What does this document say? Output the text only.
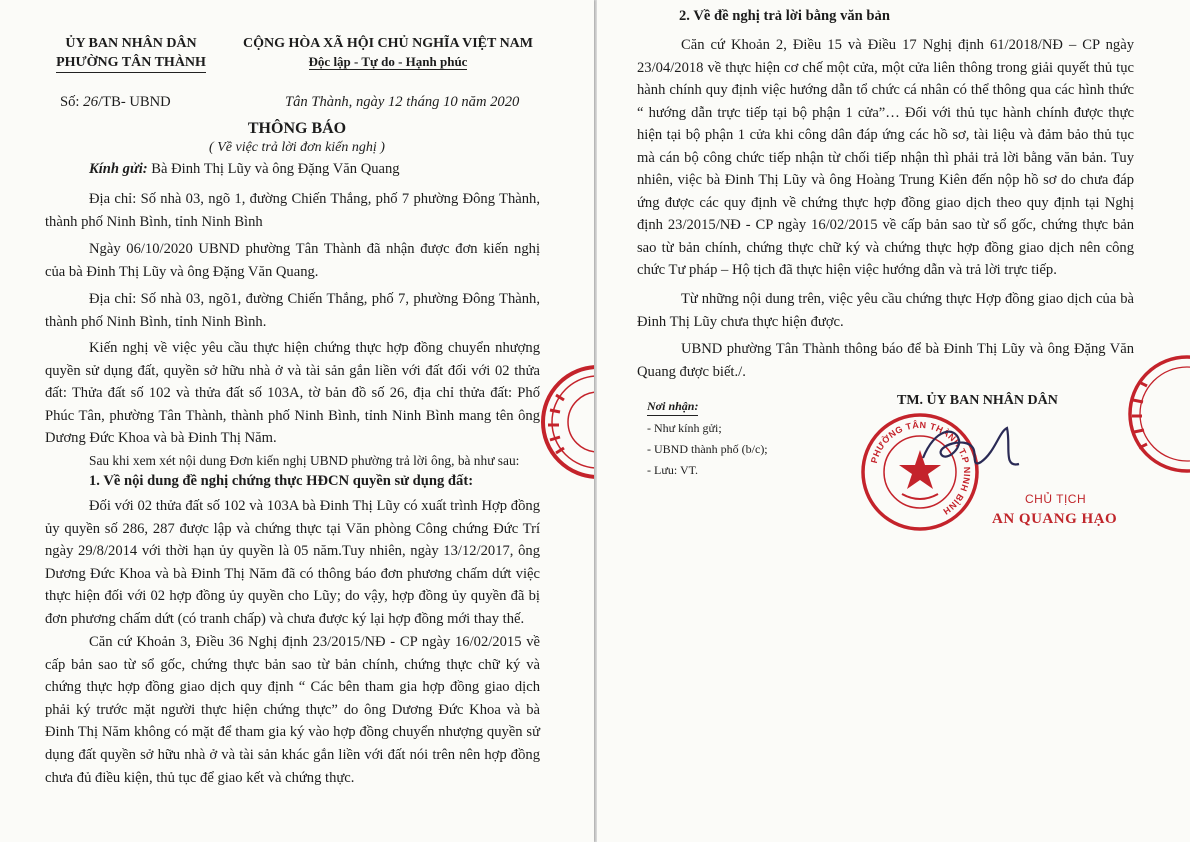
ỦY BAN NHÂN DÂN
PHƯỜNG TÂN THÀNH
CỘNG HÒA XÃ HỘI CHỦ NGHĨA VIỆT NAM
Độc lập - Tự do - Hạnh phúc
Số: 26/TB- UBND	Tân Thành, ngày 12 tháng 10 năm 2020
THÔNG BÁO
( Về việc trả lời đơn kiến nghị )
Kính gửi: Bà Đinh Thị Lũy và ông Đặng Văn Quang
Địa chỉ: Số nhà 03, ngõ 1, đường Chiến Thắng, phố 7 phường Đông Thành, thành phố Ninh Bình, tỉnh Ninh Bình
Ngày 06/10/2020 UBND phường Tân Thành đã nhận được đơn kiến nghị của bà Đinh Thị Lũy và ông Đặng Văn Quang.
Địa chỉ: Số nhà 03, ngõ1, đường Chiến Thắng, phố 7, phường Đông Thành, thành phố Ninh Bình, tỉnh Ninh Bình.
Kiến nghị về việc yêu cầu thực hiện chứng thực hợp đồng chuyển nhượng quyền sử dụng đất, quyền sở hữu nhà ở và tài sản gắn liền với đất đối với 02 thửa đất: Thửa đất số 102 và thửa đất số 103A, tờ bản đồ số 26, địa chỉ thửa đất: Phố Phúc Tân, phường Tân Thành, thành phố Ninh Bình, tỉnh Ninh Bình mang tên ông Dương Đức Khoa và bà Đinh Thị Năm.
Sau khi xem xét nội dung Đơn kiến nghị UBND phường trả lời ông, bà như sau:
1. Về nội dung đề nghị chứng thực HĐCN quyền sử dụng đất:
Đối với 02 thửa đất số 102 và 103A bà Đinh Thị Lũy có xuất trình Hợp đồng ủy quyền số 286, 287 được lập và chứng thực tại Văn phòng Công chứng Đức Trí ngày 29/8/2014 với thời hạn ủy quyền là 05 năm.Tuy nhiên, ngày 13/12/2017, ông Dương Đức Khoa và bà Đinh Thị Năm đã có thông báo đơn phương chấm dứt việc thực hiện đối với 02 hợp đồng ủy quyền cho Lũy; do vậy, hợp đồng ủy quyền đã bị đơn phương chấm dứt (có tranh chấp) và chưa được ký lại hợp đồng mới thay thế.
Căn cứ Khoản 3, Điều 36 Nghị định 23/2015/NĐ - CP ngày 16/02/2015 về cấp bản sao từ sổ gốc, chứng thực bản sao từ bản chính, chứng thực chữ ký và chứng thực hợp đồng giao dịch quy định “ Các bên tham gia hợp đồng giao dịch phải ký trước mặt người thực hiện chứng thực” do ông Dương Đức Khoa và bà Đinh Thị Năm không có mặt để tham gia ký vào hợp đồng chuyển nhượng quyền sử dụng đất quyền sở hữu nhà ở và tài sản khác gắn liền với đất nói trên nên hợp đồng chưa đủ điều kiện, thủ tục để giao kết và chứng thực.
2. Về đề nghị trả lời bằng văn bản
Căn cứ Khoản 2, Điều 15 và Điều 17 Nghị định 61/2018/NĐ – CP ngày 23/04/2018 về thực hiện cơ chế một cửa, một cửa liên thông trong giải quyết thủ tục hành chính quy định việc hướng dẫn tổ chức cá nhân có thể thông qua các hình thức “ hướng dẫn trực tiếp tại bộ phận 1 cửa”… Đối với thủ tục hành chính được thực hiện tại bộ phận 1 cửa khi công dân đáp ứng các hồ sơ, tài liệu và đảm bảo thủ tục mà cán bộ công chức tiếp nhận từ chối tiếp nhận thì phải trả lời bằng văn bản. Tuy nhiên, việc bà Đinh Thị Lũy và ông Hoàng Trung Kiên đến nộp hồ sơ do chưa đáp ứng được các quy định về chứng thực hợp đồng giao dịch theo quy định tại Nghị định 23/2015/NĐ - CP ngày 16/02/2015 về cấp bản sao từ sổ gốc, chứng thực bản sao từ bản chính, chứng thực chữ ký và chứng thực hợp đồng giao dịch nên công chức Tư pháp – Hộ tịch đã thực hiện việc hướng dẫn và trả lời trực tiếp.
Từ những nội dung trên, việc yêu cầu chứng thực Hợp đồng giao dịch của bà Đinh Thị Lũy chưa thực hiện được.
UBND phường Tân Thành thông báo để bà Đinh Thị Lũy và ông Đặng Văn Quang được biết./.
Nơi nhận:
- Như kính gửi;
- UBND thành phố (b/c);
- Lưu: VT.
TM. ỦY BAN NHÂN DÂN
PHƯỜNG TÂN THÀNH T.P NINH BÌNH
CHỦ TỊCH
AN QUANG HẠO
